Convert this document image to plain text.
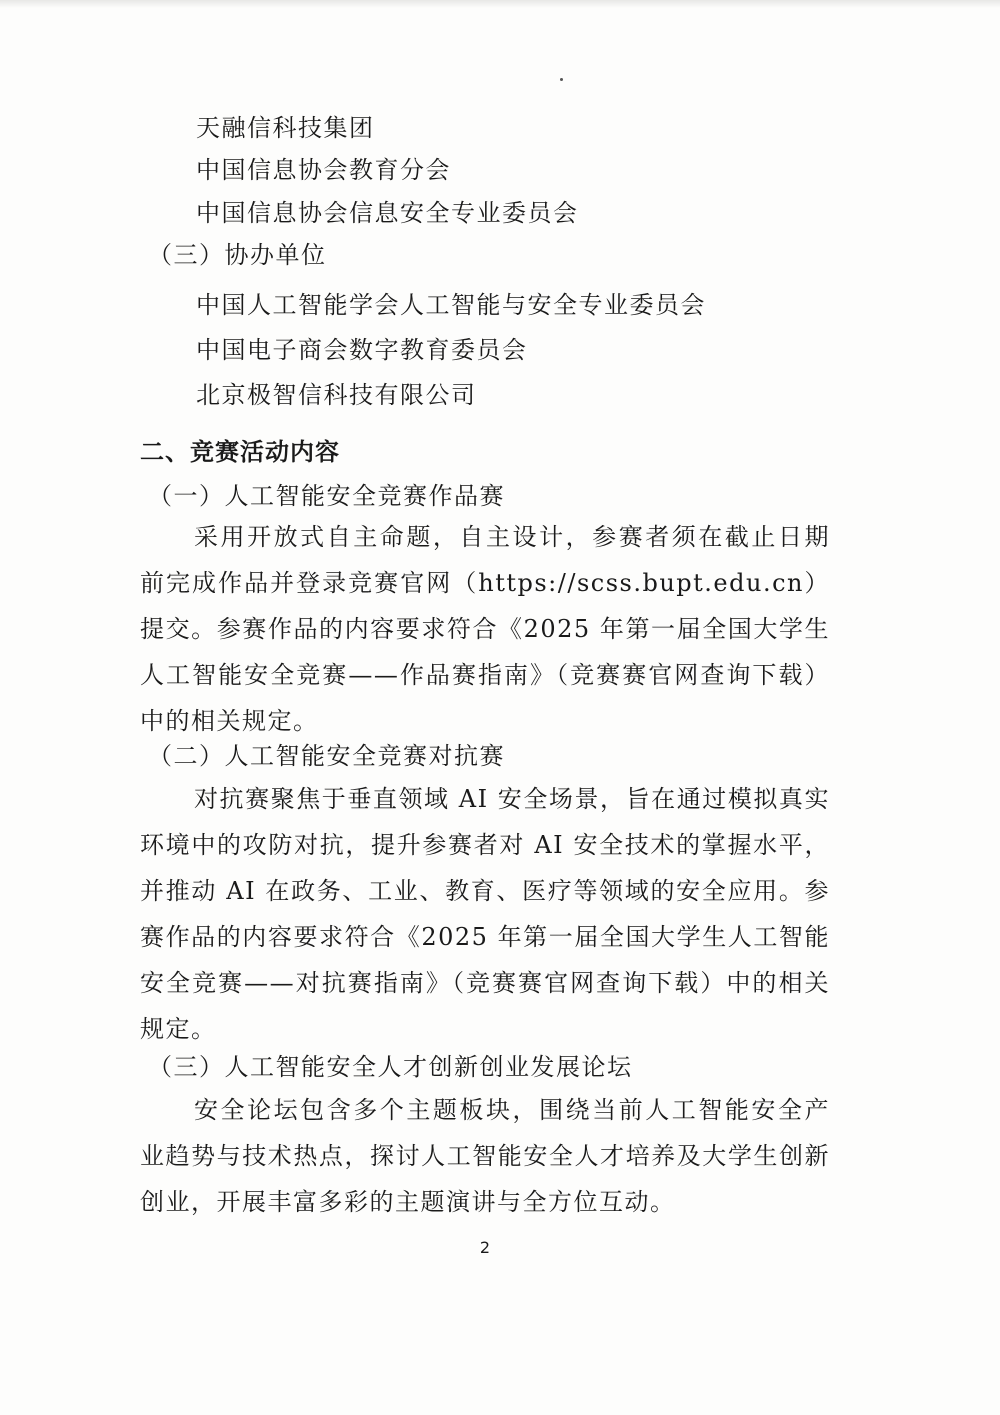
天融信科技集团
中国信息协会教育分会
中国信息协会信息安全专业委员会
（三）协办单位
中国人工智能学会人工智能与安全专业委员会
中国电子商会数字教育委员会
北京极智信科技有限公司
二、竞赛活动内容
（一）人工智能安全竞赛作品赛
采用开放式自主命题，自主设计，参赛者须在截止日期前完成作品并登录竞赛官网（https://scss.bupt.edu.cn）提交。参赛作品的内容要求符合《2025 年第一届全国大学生人工智能安全竞赛——作品赛指南》（竞赛赛官网查询下载）中的相关规定。
（二）人工智能安全竞赛对抗赛
对抗赛聚焦于垂直领域 AI 安全场景，旨在通过模拟真实环境中的攻防对抗，提升参赛者对 AI 安全技术的掌握水平，并推动 AI 在政务、工业、教育、医疗等领域的安全应用。参赛作品的内容要求符合《2025 年第一届全国大学生人工智能安全竞赛——对抗赛指南》（竞赛赛官网查询下载）中的相关规定。
（三）人工智能安全人才创新创业发展论坛
安全论坛包含多个主题板块，围绕当前人工智能安全产业趋势与技术热点，探讨人工智能安全人才培养及大学生创新创业，开展丰富多彩的主题演讲与全方位互动。
2
